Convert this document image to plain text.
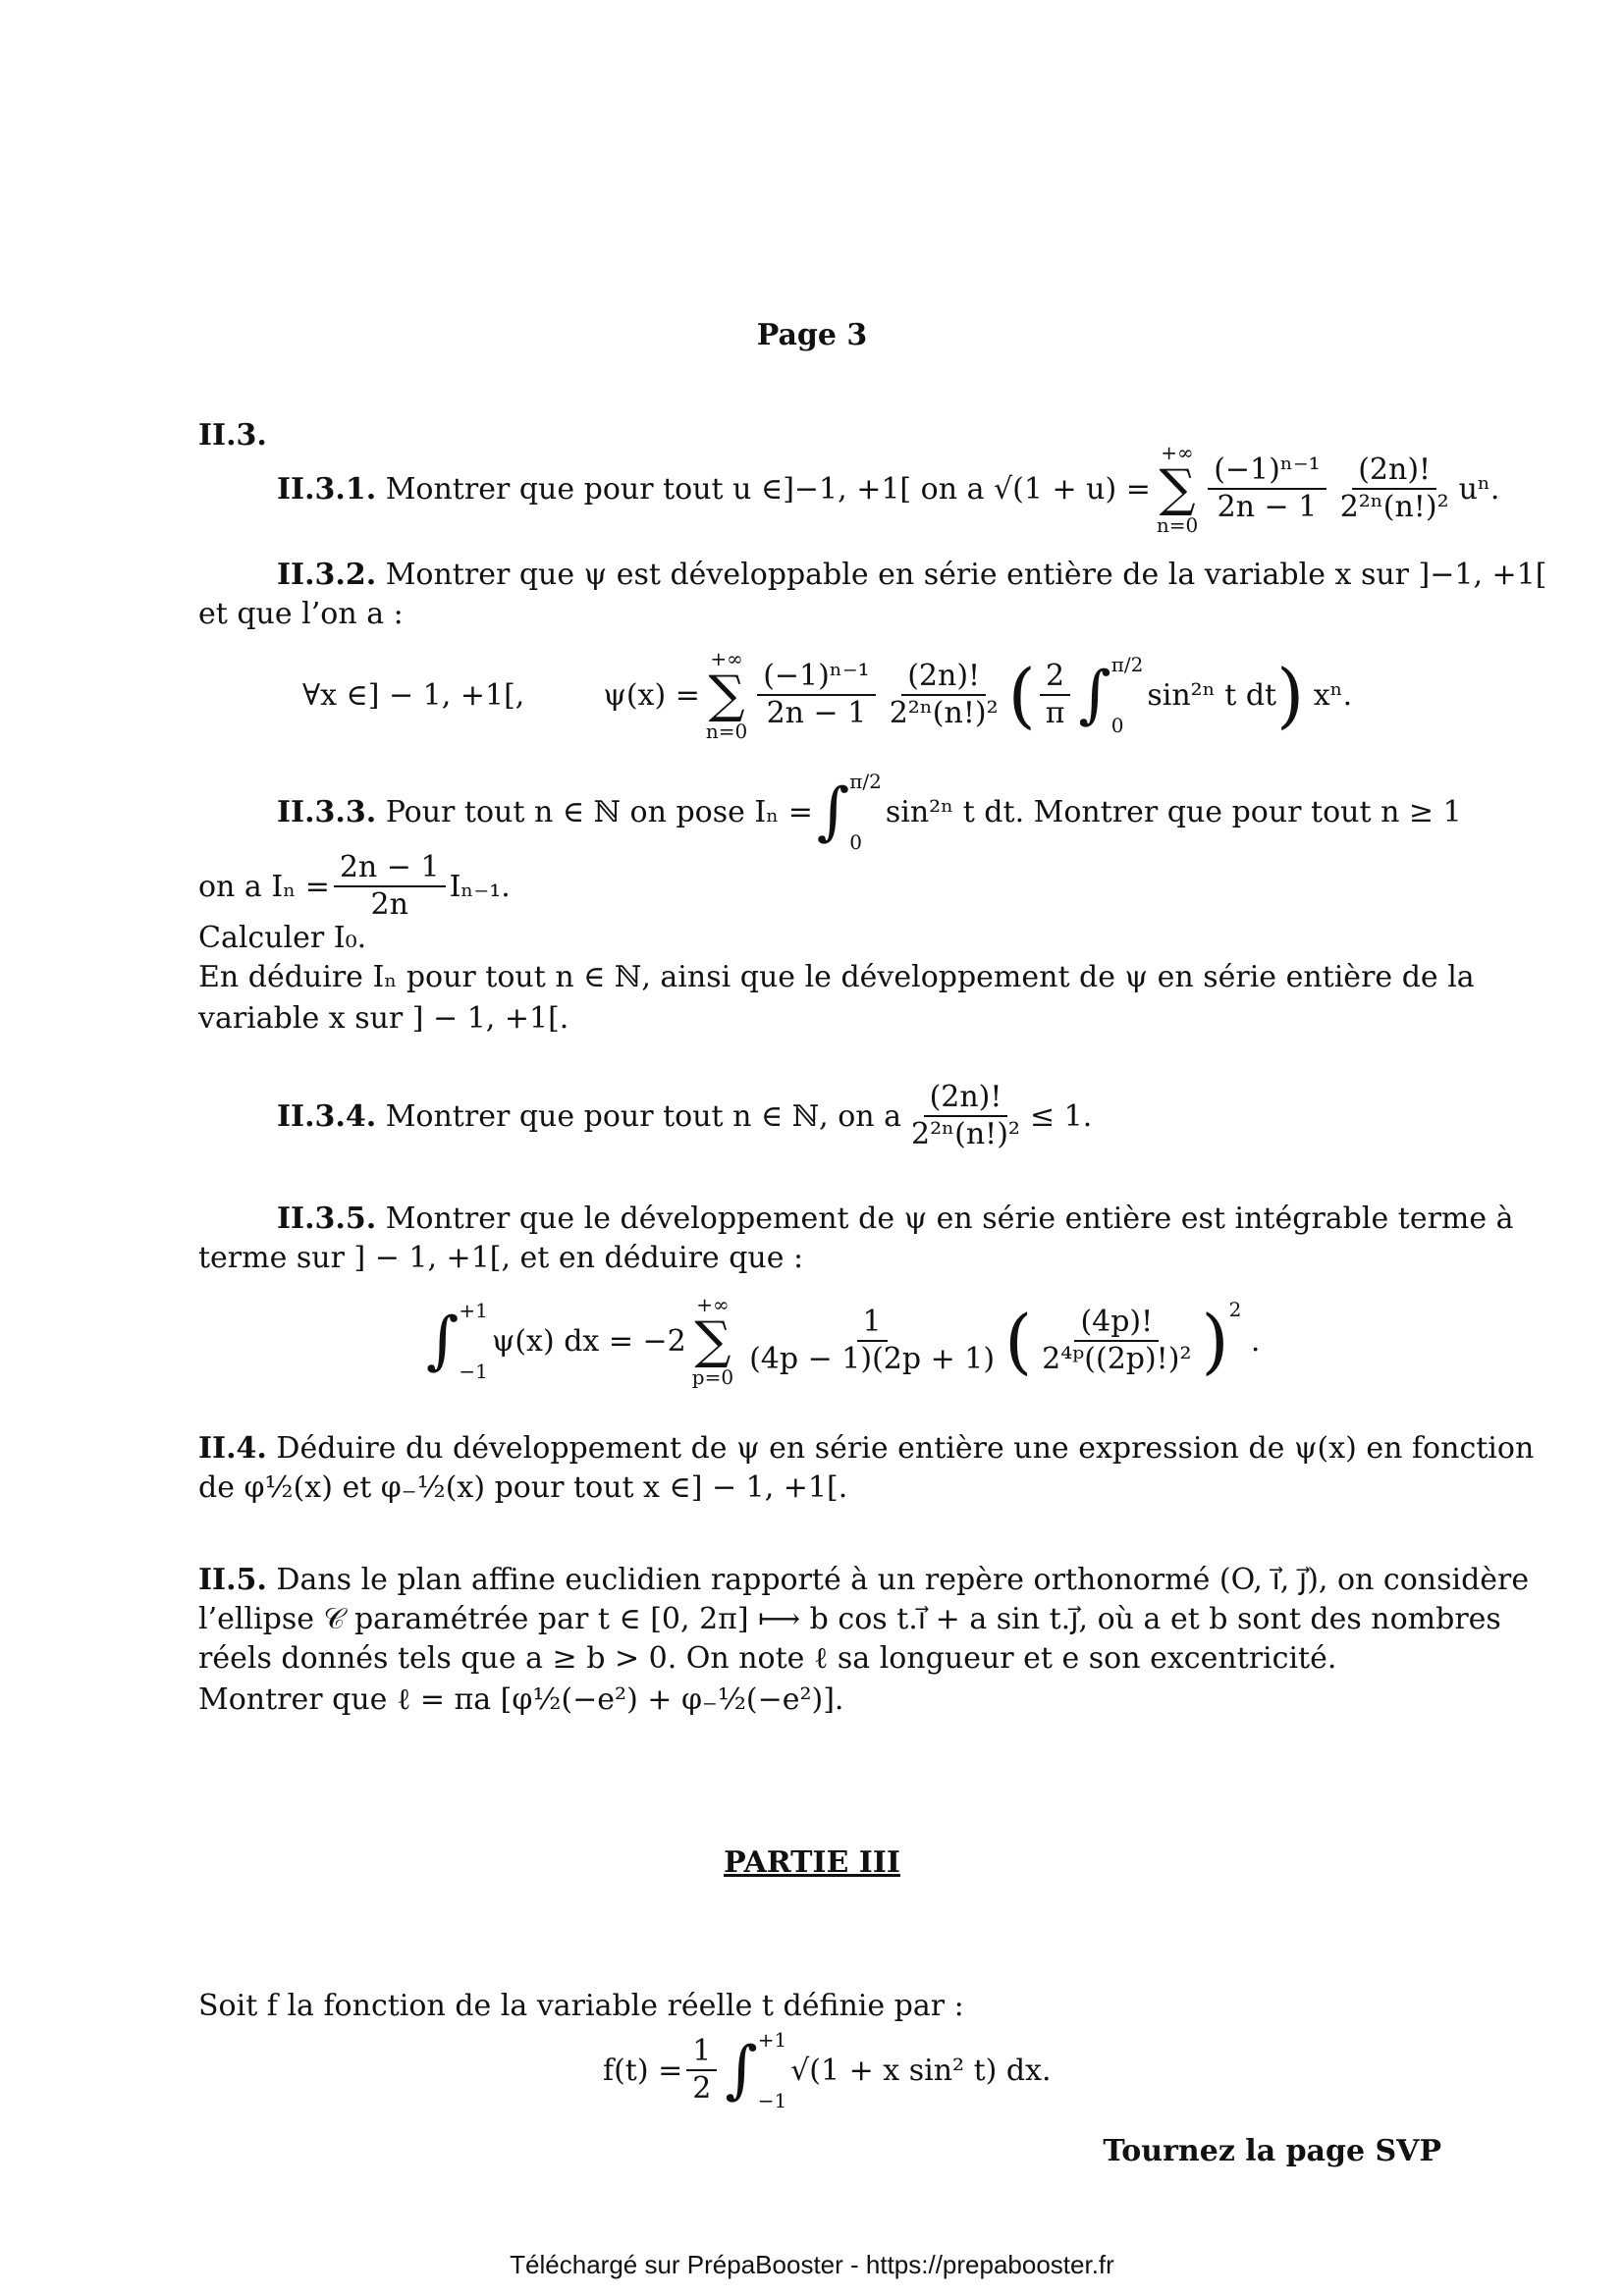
Page 3
II.3.
II.3.1.
Montrer que pour tout u ∈]−1, +1[ on a √(1 + u) =
+∞
∑
$n=0 \frac{\text{(−1)ⁿ⁻¹}}{2n - 1} \frac{(2n)!}{\text{2²ⁿ(n!)²}} u^n$.
II.3.2. Montrer que ψ est développable en série entière de la variable x sur ]−1, +1[
et que l’on a :
∀x ∈] − 1, +1[,	ψ(x) =
+∞
∑
$n=0 \frac{\text{(−1)ⁿ⁻¹}}{2n - 1} \frac{(2n)!}{\text{2²ⁿ(n!)²}}$ ( $\frac{2}{\pi}$ ∫ π/2
0
sin²ⁿ t dt )
xⁿ.
II.3.3.
Pour tout n ∈ ℕ on pose Iₙ = ∫ π/2
0
sin²ⁿ t dt. Montrer que pour tout n ≥ 1
on a $I_n = \frac{2n - 1}{2n} I_{n-1}$.
Calculer I₀.
En déduire Iₙ pour tout n ∈ ℕ, ainsi que le développement de ψ en série entière de la
variable x sur ] − 1, +1[.
II.3.4.
Montrer que pour tout n ∈ ℕ, on a $\frac{(2n)!}{\text{2²ⁿ(n!)²}} \le 1$.
II.3.5. Montrer que le développement de ψ en série entière est intégrable terme à
terme sur ] − 1, +1[, et en déduire que :
∫ +1
−1
ψ(x) dx = −2
+∞
∑
$p=0 \frac{1}{(4p - 1)(2p + 1)}$ ( $\frac{(4p)!}{\text{2⁴ᵖ((2p)!)²}} )^2$

.
II.4. Déduire du développement de ψ en série entière une expression de ψ(x) en fonction
de φ½(x) et φ₋½(x) pour tout x ∈] − 1, +1[.
II.5. Dans le plan affine euclidien rapporté à un repère orthonormé (O, i⃗, j⃗), on considère
l’ellipse 𝒞 paramétrée par t ∈ [0, 2π] ⟼ b cos t.i⃗ + a sin t.j⃗, où a et b sont des nombres
réels donnés tels que a ≥ b > 0. On note ℓ sa longueur et e son excentricité.
Montrer que ℓ = πa [φ½(−e²) + φ₋½(−e²)].
PARTIE III
Soit f la fonction de la variable réelle t définie par :
$f(t) = \frac{1}{2}$ ∫ +1
−1
√(1 + x sin² t) dx.
Tournez la page SVP
Téléchargé sur PrépaBooster - https://prepabooster.fr
